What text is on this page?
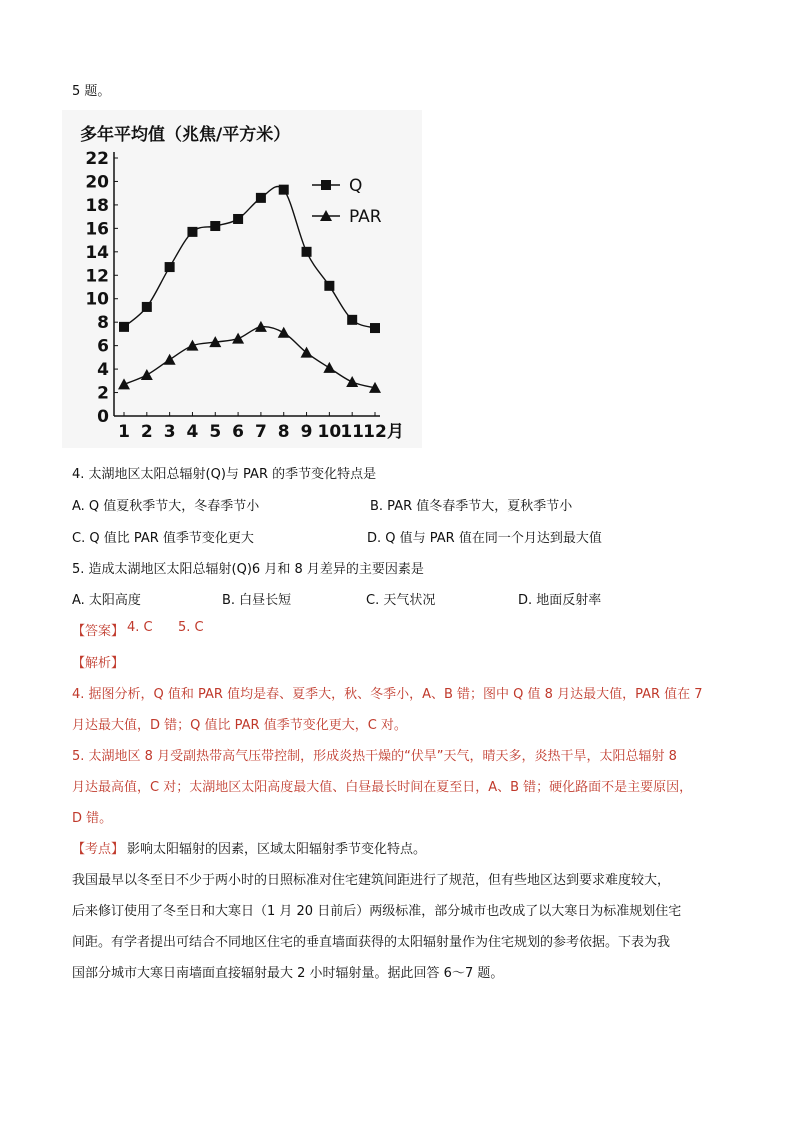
5 题。
多年平均值（兆焦/平方米）
0
2
4
6
8
10
12
14
16
18
20
22
1 2 3 4 5 6 7 8 9 10 11 12 月
Q
PAR
4. 太湖地区太阳总辐射(Q)与 PAR 的季节变化特点是
A. Q 值夏秋季节大，冬春季节小	B. PAR 值冬春季节大，夏秋季节小
C. Q 值比 PAR 值季节变化更大	D. Q 值与 PAR 值在同一个月达到最大值
5. 造成太湖地区太阳总辐射(Q)6 月和 8 月差异的主要因素是
A. 太阳高度	B. 白昼长短	C. 天气状况	D. 地面反射率
【答案】 4. C 5. C
【解析】
4. 据图分析，Q 值和 PAR 值均是春、夏季大，秋、冬季小，A、B 错；图中 Q 值 8 月达最大值，PAR 值在 7
月达最大值，D 错；Q 值比 PAR 值季节变化更大，C 对。
5. 太湖地区 8 月受副热带高气压带控制，形成炎热干燥的“伏旱”天气，晴天多，炎热干旱，太阳总辐射 8
月达最高值，C 对；太湖地区太阳高度最大值、白昼最长时间在夏至日，A、B 错；硬化路面不是主要原因，
D 错。
【考点】 影响太阳辐射的因素，区域太阳辐射季节变化特点。
我国最早以冬至日不少于两小时的日照标准对住宅建筑间距进行了规范，但有些地区达到要求难度较大，
后来修订使用了冬至日和大寒日（1 月 20 日前后）两级标准，部分城市也改成了以大寒日为标准规划住宅
间距。有学者提出可结合不同地区住宅的垂直墙面获得的太阳辐射量作为住宅规划的参考依据。下表为我
国部分城市大寒日南墙面直接辐射最大 2 小时辐射量。据此回答 6～7 题。
